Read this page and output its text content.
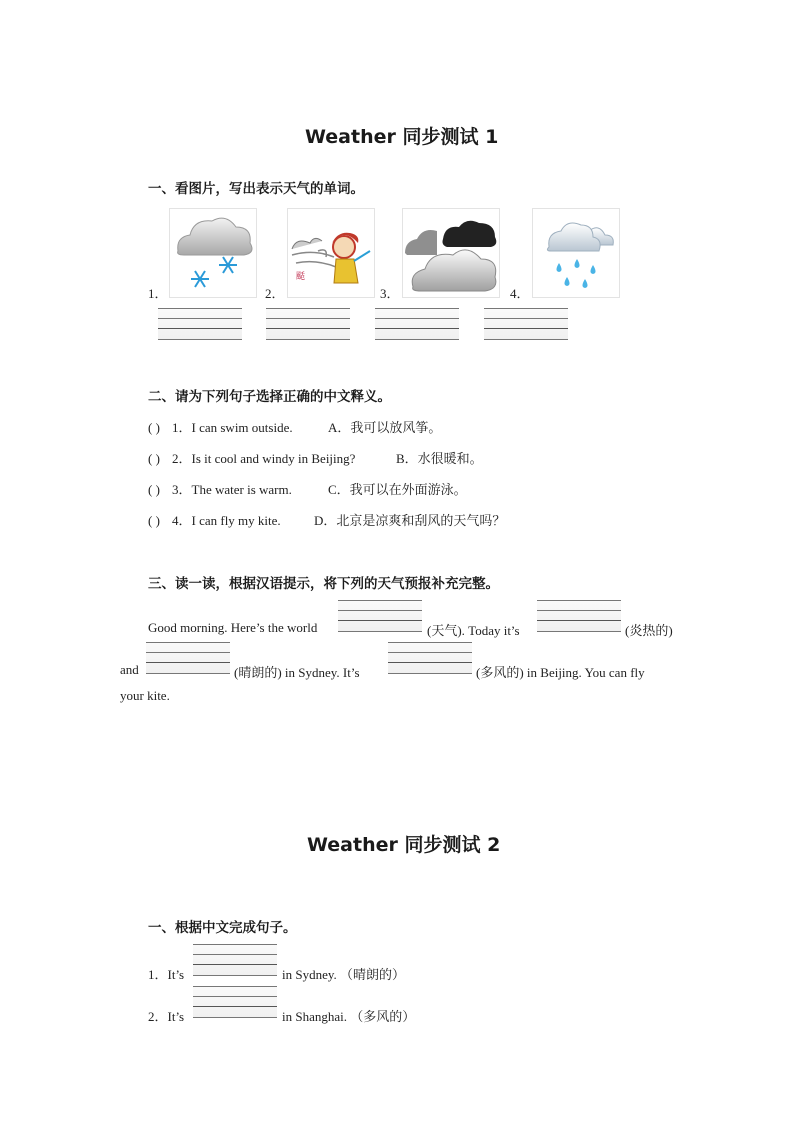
Weather 同步测试 1
一、看图片，写出表示天气的单词。
1．	2．
颳
3．	4．
二、请为下列句子选择正确的中文释义。
( ) 1．I can swim outside.	A．我可以放风筝。
( ) 2．Is it cool and windy in Beijing?	B．水很暖和。
( ) 3．The water is warm.	C．我可以在外面游泳。
( ) 4．I can fly my kite.	D．北京是凉爽和刮风的天气吗？
三、读一读，根据汉语提示，将下列的天气预报补充完整。
Good morning. Here’s the world	(天气). Today it’s	(炎热的)
and	(晴朗的) in Sydney. It’s	(多风的) in Beijing. You can fly
your kite.
Weather 同步测试 2
一、根据中文完成句子。
1．It’s	in Sydney. （晴朗的）
2．It’s	in Shanghai. （多风的）
